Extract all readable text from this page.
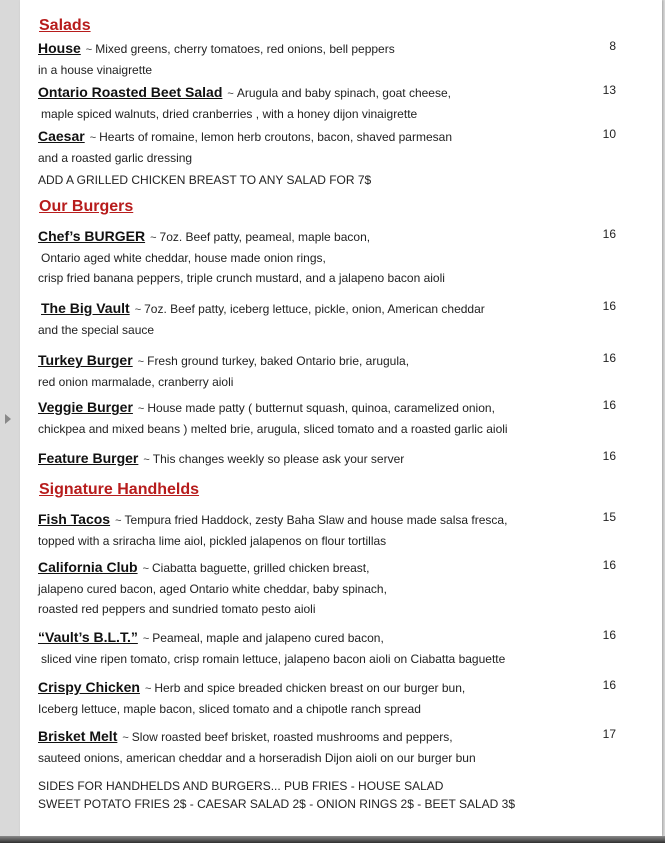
Salads
Our Burgers
Signature Handhelds
House ~ Mixed greens, cherry tomatoes, red onions, bell peppers
in a house vinaigrette
8
Ontario Roasted Beet Salad ~ Arugula and baby spinach, goat cheese,
maple spiced walnuts, dried cranberries , with a honey dijon vinaigrette
13
Caesar ~ Hearts of romaine, lemon herb croutons, bacon, shaved parmesan
and a roasted garlic dressing
10
ADD A GRILLED CHICKEN BREAST TO ANY SALAD FOR 7$
Chef’s BURGER ~ 7oz. Beef patty, peameal, maple bacon,
Ontario aged white cheddar, house made onion rings,
crisp fried banana peppers, triple crunch mustard, and a jalapeno bacon aioli
16
The Big Vault ~ 7oz. Beef patty, iceberg lettuce, pickle, onion, American cheddar
and the special sauce
16
Turkey Burger ~ Fresh ground turkey, baked Ontario brie, arugula,
red onion marmalade, cranberry aioli
16
Veggie Burger ~ House made patty ( butternut squash, quinoa, caramelized onion,
chickpea and mixed beans ) melted brie, arugula, sliced tomato and a roasted garlic aioli
16
Feature Burger ~ This changes weekly so please ask your server	16
Fish Tacos ~ Tempura fried Haddock, zesty Baha Slaw and house made salsa fresca,
topped with a sriracha lime aiol, pickled jalapenos on flour tortillas
15
California Club ~ Ciabatta baguette, grilled chicken breast,
jalapeno cured bacon, aged Ontario white cheddar, baby spinach,
roasted red peppers and sundried tomato pesto aioli
16
“Vault’s B.L.T.” ~ Peameal, maple and jalapeno cured bacon,
sliced vine ripen tomato, crisp romain lettuce, jalapeno bacon aioli on Ciabatta baguette
16
Crispy Chicken ~ Herb and spice breaded chicken breast on our burger bun,
Iceberg lettuce, maple bacon, sliced tomato and a chipotle ranch spread
16
Brisket Melt ~ Slow roasted beef brisket, roasted mushrooms and peppers,
sauteed onions, american cheddar and a horseradish Dijon aioli on our burger bun
17
SIDES FOR HANDHELDS AND BURGERS... PUB FRIES - HOUSE SALAD
SWEET POTATO FRIES 2$ - CAESAR SALAD 2$ - ONION RINGS 2$ - BEET SALAD 3$
